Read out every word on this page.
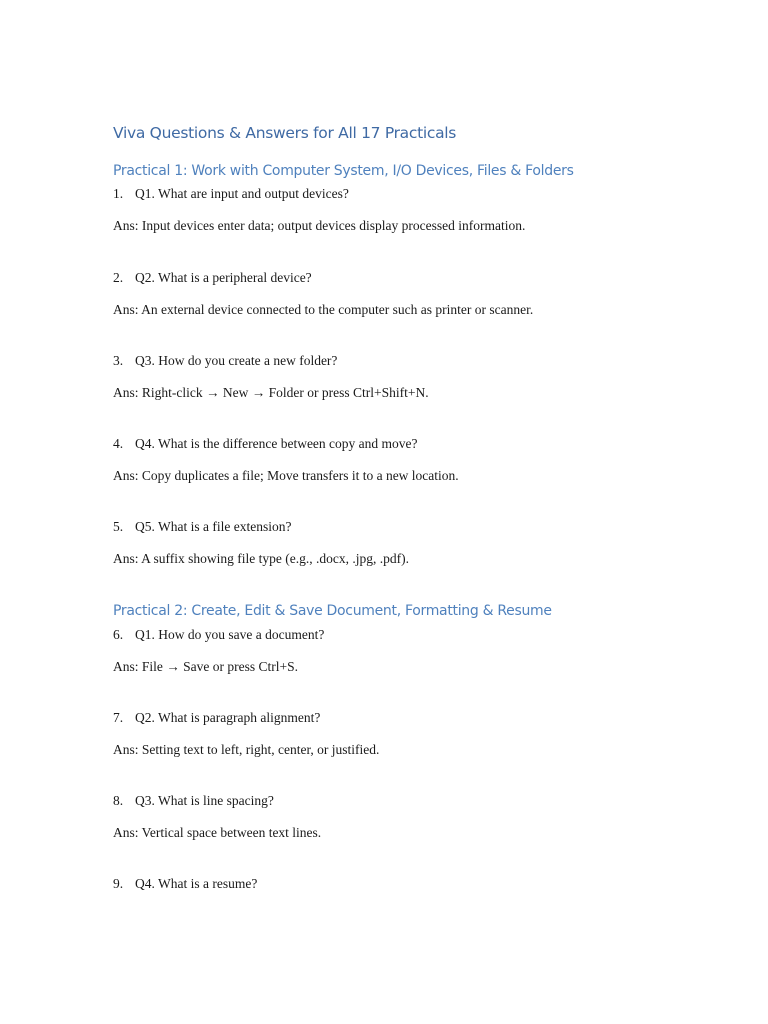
Viva Questions & Answers for All 17 Practicals
Practical 1: Work with Computer System, I/O Devices, Files & Folders

1. Q1. What are input and output devices?

Ans: Input devices enter data; output devices display processed information.

2. Q2. What is a peripheral device?

Ans: An external device connected to the computer such as printer or scanner.

3. Q3. How do you create a new folder?

Ans: Right-click → New → Folder or press Ctrl+Shift+N.

4. Q4. What is the difference between copy and move?

Ans: Copy duplicates a file; Move transfers it to a new location.

5. Q5. What is a file extension?

Ans: A suffix showing file type (e.g., .docx, .jpg, .pdf).

Practical 2: Create, Edit & Save Document, Formatting & Resume

6. Q1. How do you save a document?

Ans: File → Save or press Ctrl+S.

7. Q2. What is paragraph alignment?

Ans: Setting text to left, right, center, or justified.

8. Q3. What is line spacing?

Ans: Vertical space between text lines.

9. Q4. What is a resume?
